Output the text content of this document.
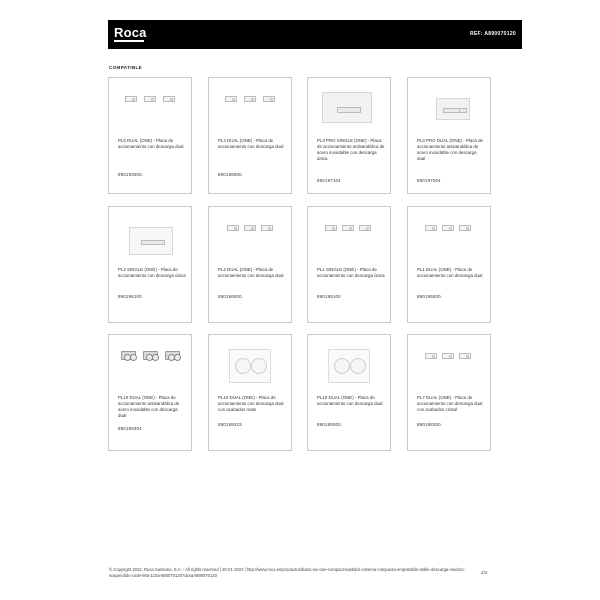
Roca	REF: A890070120
COMPATIBLE
PL5 DUAL (ONE) - Placa de accionamiento con descarga dual
890193000.
PL4 DUAL (ONE) - Placa de accionamiento con descarga dual
890198000.
PL3 PRO SINGLE (ONE) - Placa de accionamiento antivandálica de acero inoxidable con descarga única
890197104
PL3 PRO DUAL (ONE) - Placa de accionamiento antivandálica de acero inoxidable con descarga dual
890197004
PL2 SINGLE (ONE) - Placa de accionamiento con descarga única
890196100
PL2 DUAL (ONE) - Placa de accionamiento con descarga dual
890196000.
PL1 SINGLE (ONE) - Placa de accionamiento con descarga única
890195100
PL1 DUAL (ONE) - Placa de accionamiento con descarga dual
890195000.
PL10 DUAL (ONE) - Placa de accionamiento antivandálica de acero inoxidable con descarga dual
890189304
PL10 DUAL (ONE) - Placa de accionamiento con descarga dual con acabados mate
890189323.
PL10 DUAL (ONE) - Placa de accionamiento con descarga dual
890189300.
PL7 DUAL (ONE) - Placa de accionamiento con descarga dual con acabados cristal
890188300.
© Copyright 2022, Roca Sanitario, S.A. - All rights reserved | 20-01-2022 | http://www.roca.es/productos/basic-wc-one-compact-bastidor-cisterna-compacta-empotrable-doble-descarga-inodoro-suspendido-code-90a-110a-890070120?dcsaA890070120
2/4
